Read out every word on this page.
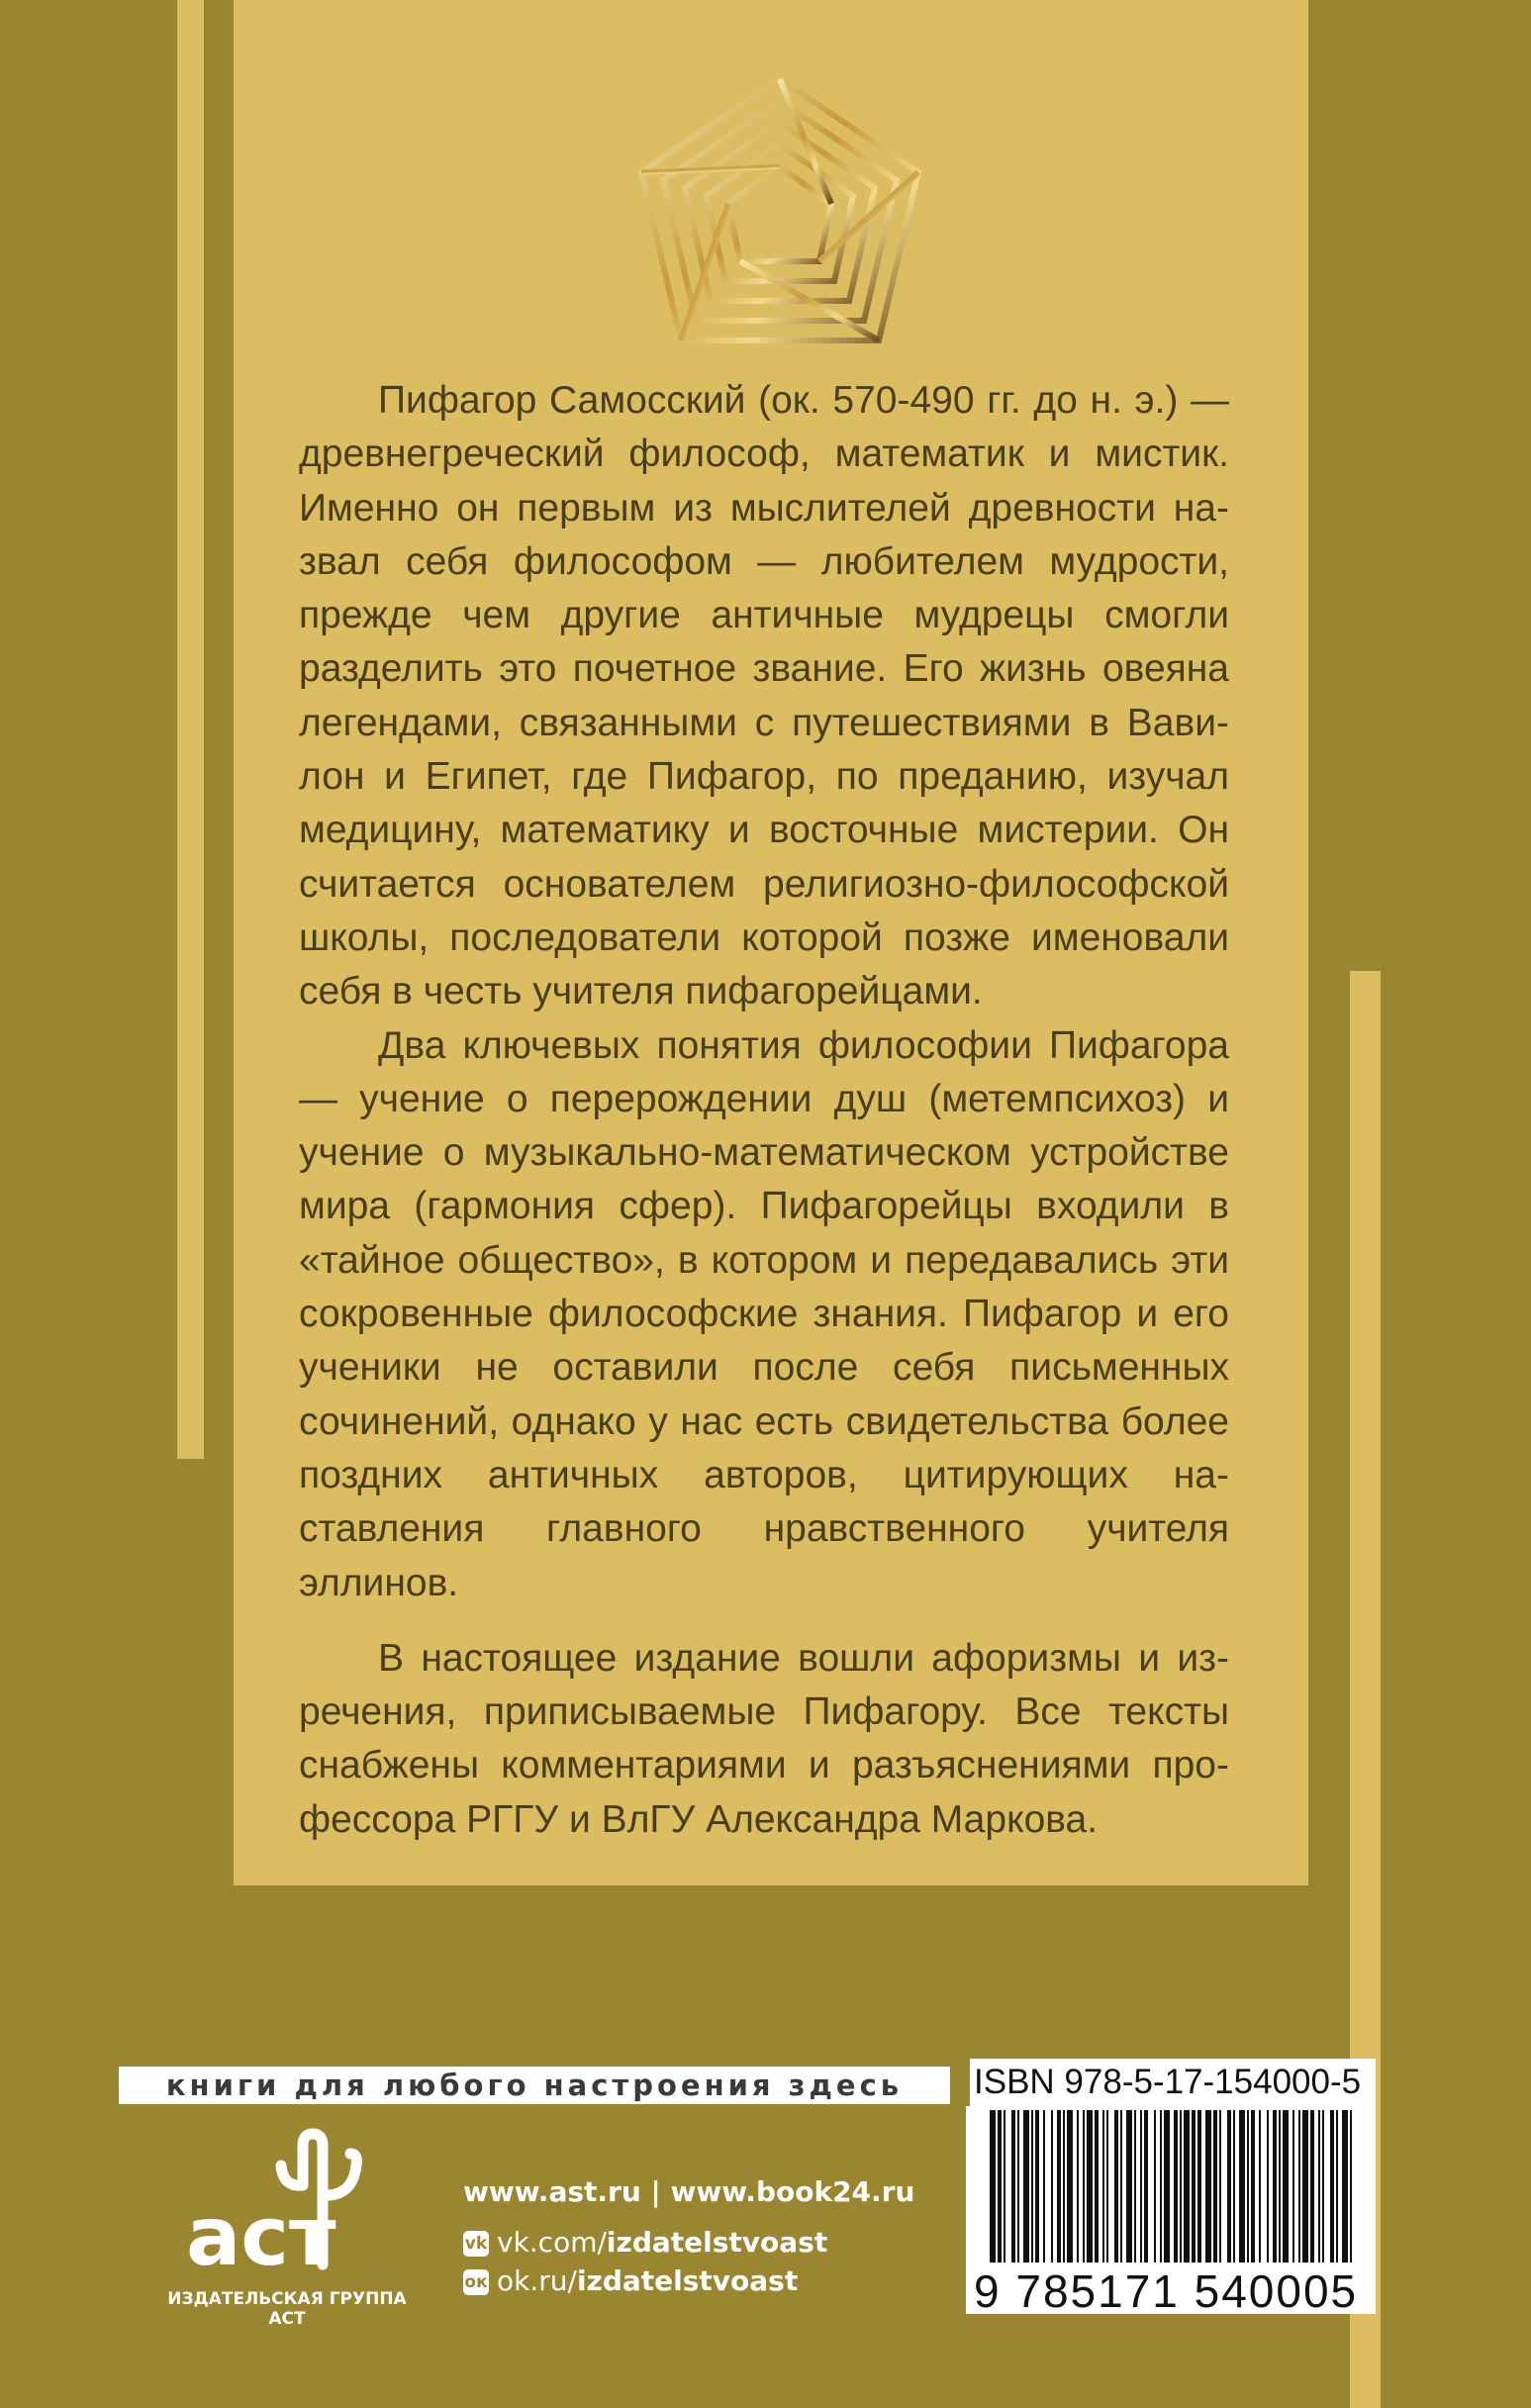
Пифагор Самосский (ок. 570-490 гг. до н. э.) — древнегреческий философ, математик и мистик. Именно он первым из мыслителей древности назвал себя философом — любителем мудрости, прежде чем другие античные мудрецы смогли разделить это почетное звание. Его жизнь овеяна легендами, связанными с путешествиями в Вавилон и Египет, где Пифагор, по преданию, изучал медицину, математику и восточные мистерии. Он считается основателем религиозно-философской школы, последователи которой позже именовали себя в честь учителя пифагорейцами.

Два ключевых понятия философии Пифагора — учение о перерождении душ (метемпсихоз) и учение о музыкально-математическом устройстве мира (гармония сфер). Пифагорейцы входили в «тайное общество», в котором и передавались эти сокровенные философские знания. Пифагор и его ученики не оставили после себя письменных сочинений, однако у нас есть свидетельства более поздних античных авторов, цитирующих наставления главного нравственного учителя эллинов.

В настоящее издание вошли афоризмы и изречения, приписываемые Пифагору. Все тексты снабжены комментариями и разъяснениями профессора РГГУ и ВлГУ Александра Маркова.

книги для любого настроения здесь
аст
ИЗДАТЕЛЬСКАЯ ГРУППА АСТ
www.ast.ru | www.book24.ru
vk vk.com/izdatelstvoast
ок ok.ru/izdatelstvoast
ISBN 978-5-17-154000-5
9 785171 540005
